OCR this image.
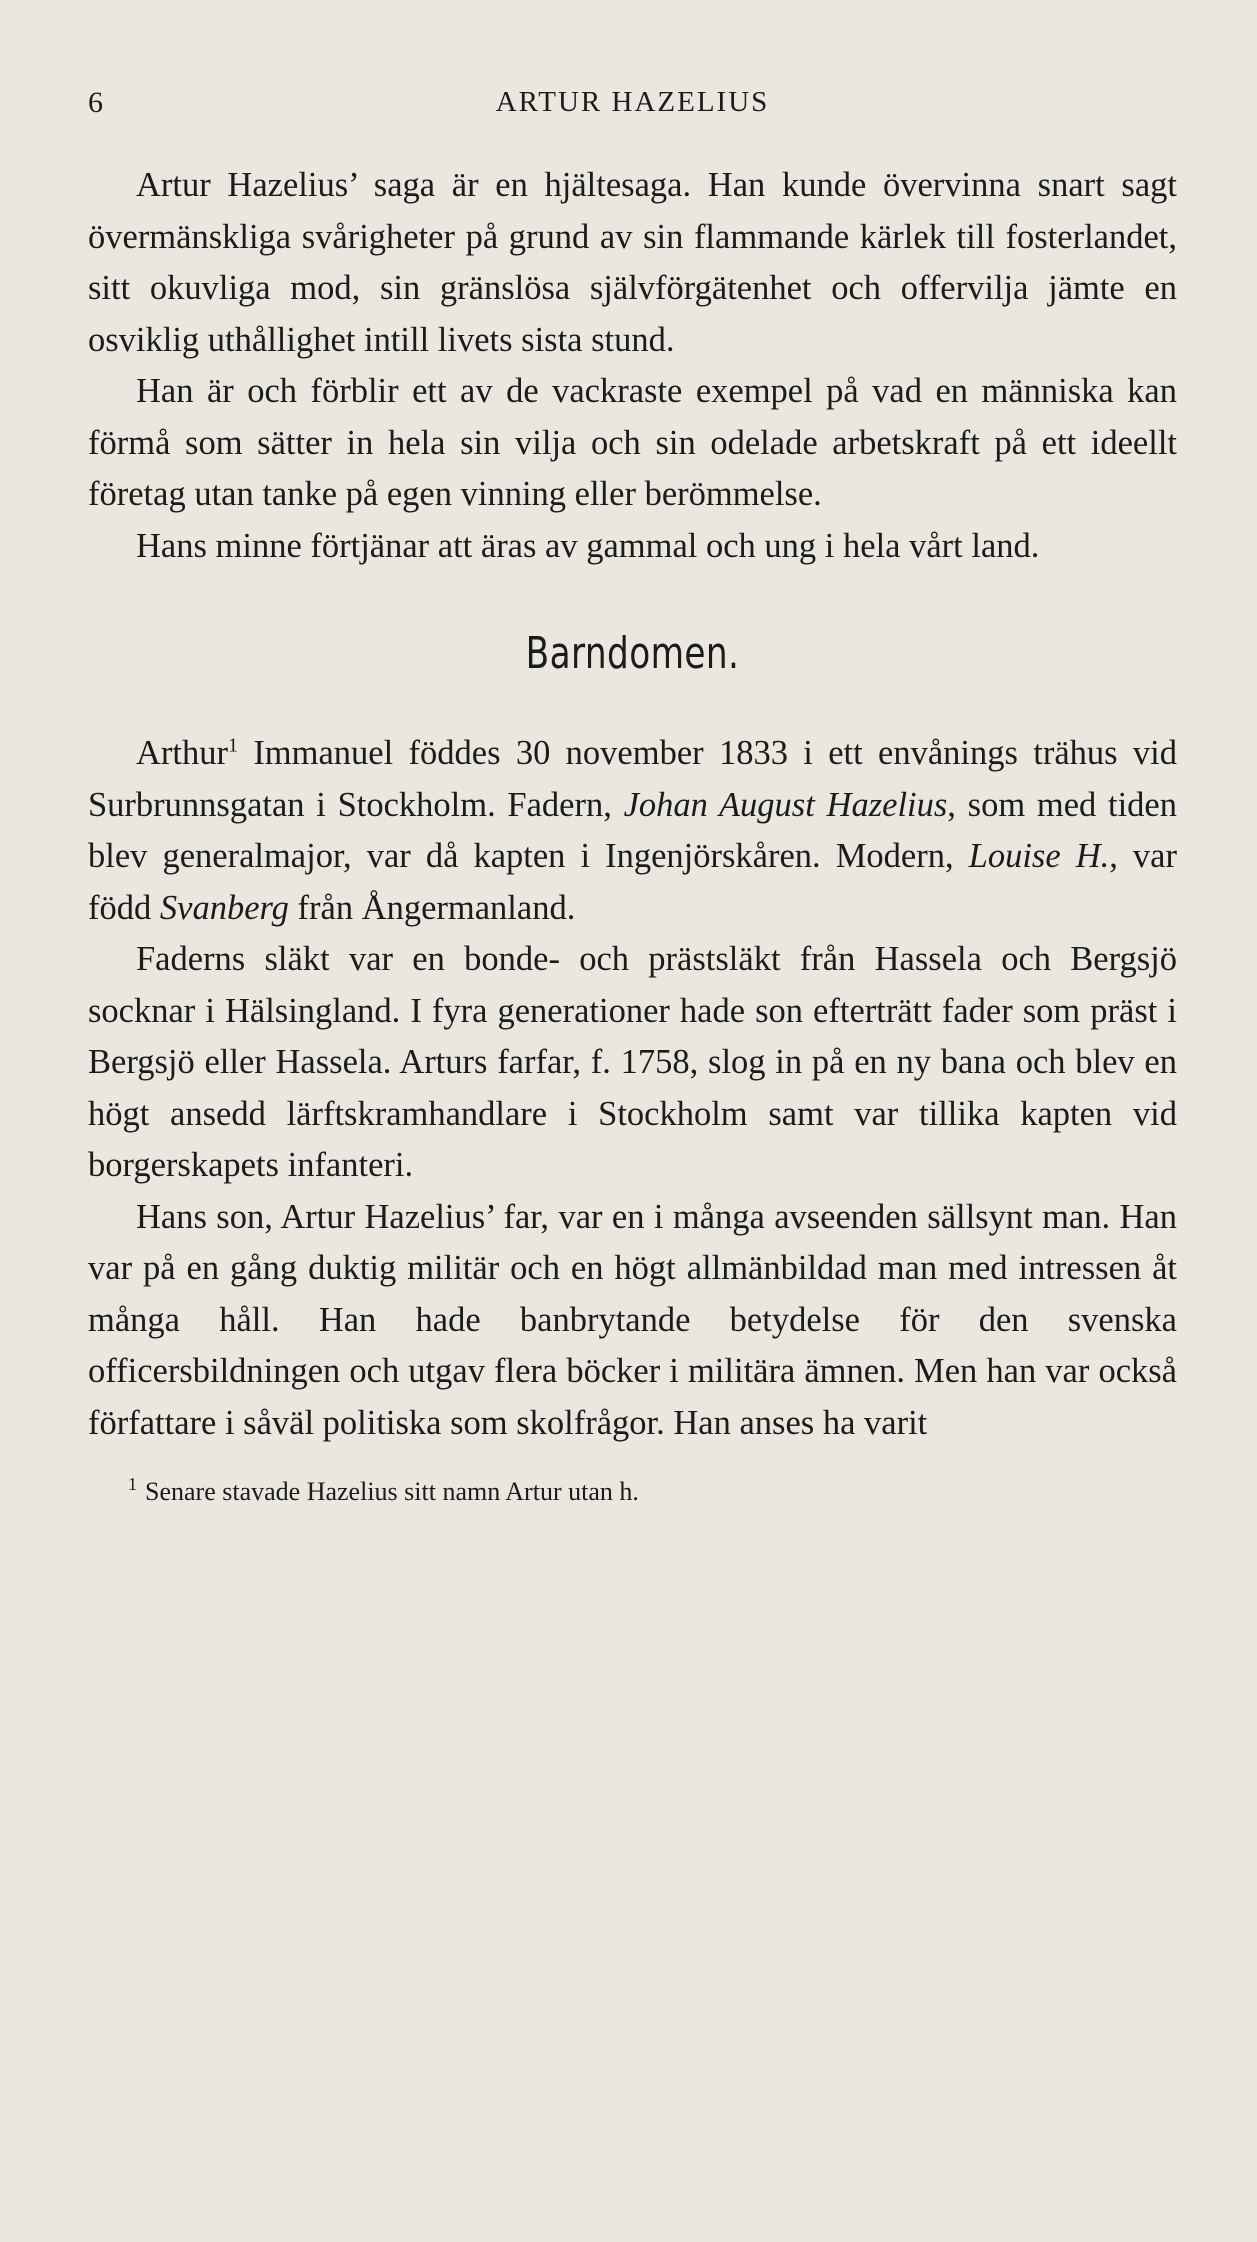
6	ARTUR HAZELIUS

Artur Hazelius’ saga är en hjältesaga. Han kunde övervinna snart sagt övermänskliga svårigheter på grund av sin flammande kärlek till fosterlandet, sitt okuvliga mod, sin gränslösa självförgätenhet och offervilja jämte en osviklig uthållighet intill livets sista stund.

Han är och förblir ett av de vackraste exempel på vad en människa kan förmå som sätter in hela sin vilja och sin odelade arbetskraft på ett ideellt företag utan tanke på egen vinning eller berömmelse.

Hans minne förtjänar att äras av gammal och ung i hela vårt land.

Barndomen.

Arthur$^1$ Immanuel föddes 30 november 1833 i ett envånings trähus vid Surbrunnsgatan i Stockholm. Fadern, Johan August Hazelius, som med tiden blev generalmajor, var då kapten i Ingenjörskåren. Modern, Louise H., var född Svanberg från Ångermanland.

Faderns släkt var en bonde- och prästsläkt från Hassela och Bergsjö socknar i Hälsingland. I fyra generationer hade son efterträtt fader som präst i Bergsjö eller Hassela. Arturs farfar, f. 1758, slog in på en ny bana och blev en högt ansedd lärftskramhandlare i Stockholm samt var tillika kapten vid borgerskapets infanteri.

Hans son, Artur Hazelius’ far, var en i många avseenden sällsynt man. Han var på en gång duktig militär och en högt allmänbildad man med intressen åt många håll. Han hade banbrytande betydelse för den svenska officersbildningen och utgav flera böcker i militära ämnen. Men han var också författare i såväl politiska som skolfrågor. Han anses ha varit

$^1$ Senare stavade Hazelius sitt namn Artur utan h.
